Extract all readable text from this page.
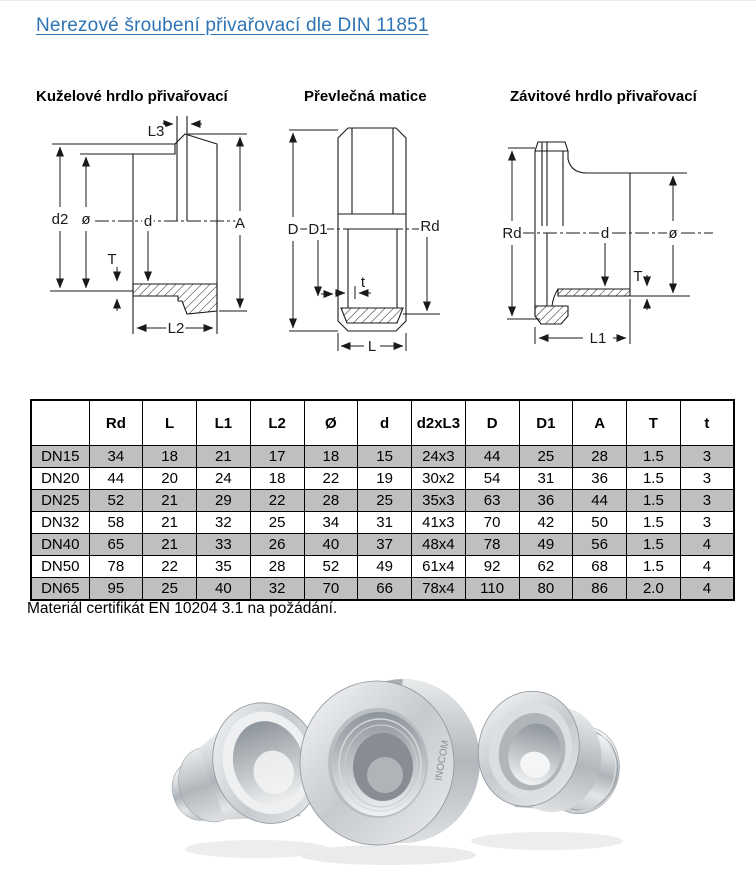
Nerezové šroubení přivařovací dle DIN 11851
Kuželové hrdlo přivařovací	Převlečná matice	Závitové hrdlo přivařovací
d
d2 ø
T
L2
L3
A	D D1	Rd
t
L
Rd	d	ø
T
L1
	Rd	L	L1	L2	Ø	d	d2xL3	D	D1	A	T	t
DN15	34	18	21	17	18	15	24x3	44	25	28	1.5	3
DN20	44	20	24	18	22	19	30x2	54	31	36	1.5	3
DN25	52	21	29	22	28	25	35x3	63	36	44	1.5	3
DN32	58	21	32	25	34	31	41x3	70	42	50	1.5	3
DN40	65	21	33	26	40	37	48x4	78	49	56	1.5	4
DN50	78	22	35	28	52	49	61x4	92	62	68	1.5	4
DN65	95	25	40	32	70	66	78x4	110	80	86	2.0	4
Materiál certifikát EN 10204 3.1 na požádání.
INOCOM
